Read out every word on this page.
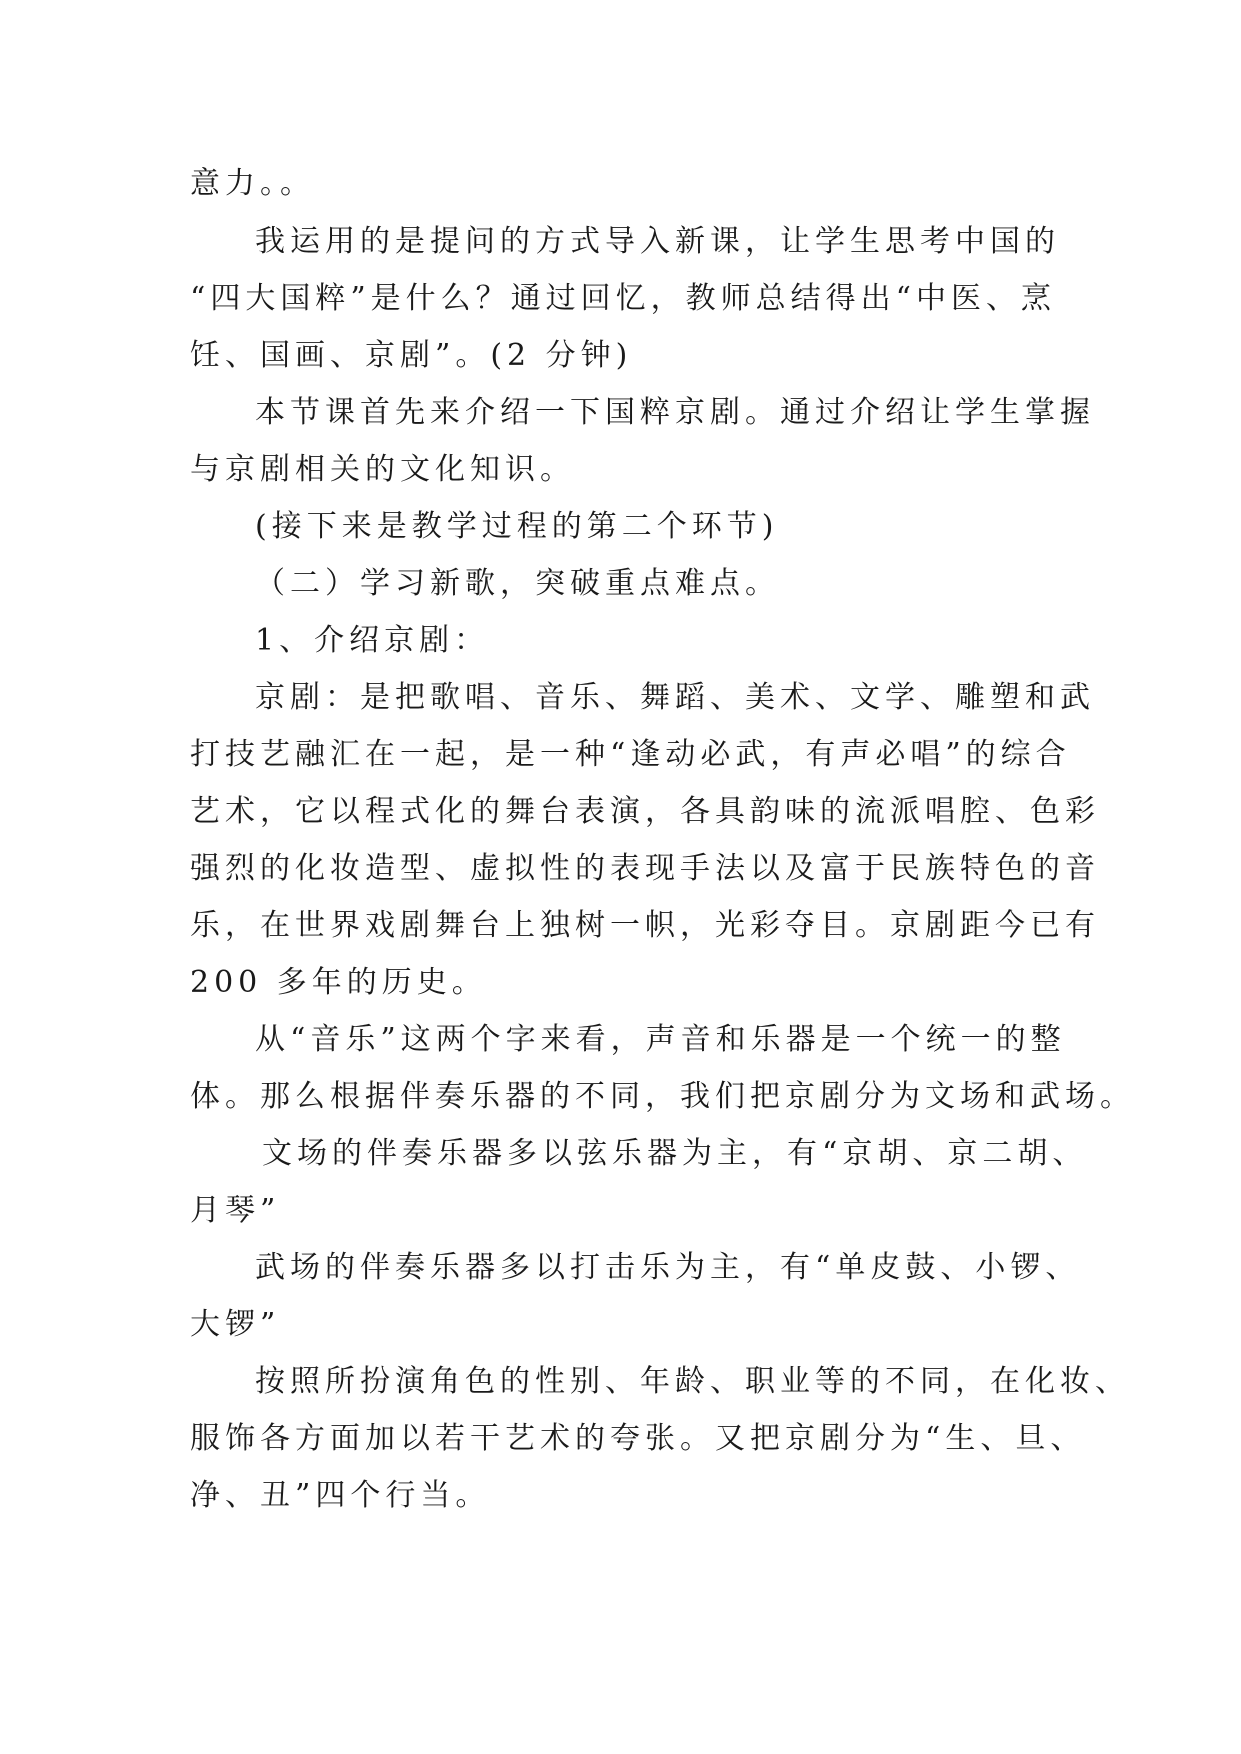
意力。。
我运用的是提问的方式导入新课，让学生思考中国的
“四大国粹”是什么？通过回忆，教师总结得出“中医、烹
饪、国画、京剧”。(2 分钟)
本节课首先来介绍一下国粹京剧。通过介绍让学生掌握
与京剧相关的文化知识。
(接下来是教学过程的第二个环节)
（二）学习新歌，突破重点难点。
1、介绍京剧：
京剧：是把歌唱、音乐、舞蹈、美术、文学、雕塑和武
打技艺融汇在一起，是一种“逢动必武，有声必唱”的综合
艺术，它以程式化的舞台表演，各具韵味的流派唱腔、色彩
强烈的化妆造型、虚拟性的表现手法以及富于民族特色的音
乐，在世界戏剧舞台上独树一帜，光彩夺目。京剧距今已有
200 多年的历史。
从“音乐”这两个字来看，声音和乐器是一个统一的整
体。那么根据伴奏乐器的不同，我们把京剧分为文场和武场。
文场的伴奏乐器多以弦乐器为主，有“京胡、京二胡、
月琴”
武场的伴奏乐器多以打击乐为主，有“单皮鼓、小锣、
大锣”
按照所扮演角色的性别、年龄、职业等的不同，在化妆、
服饰各方面加以若干艺术的夸张。又把京剧分为“生、旦、
净、丑”四个行当。
